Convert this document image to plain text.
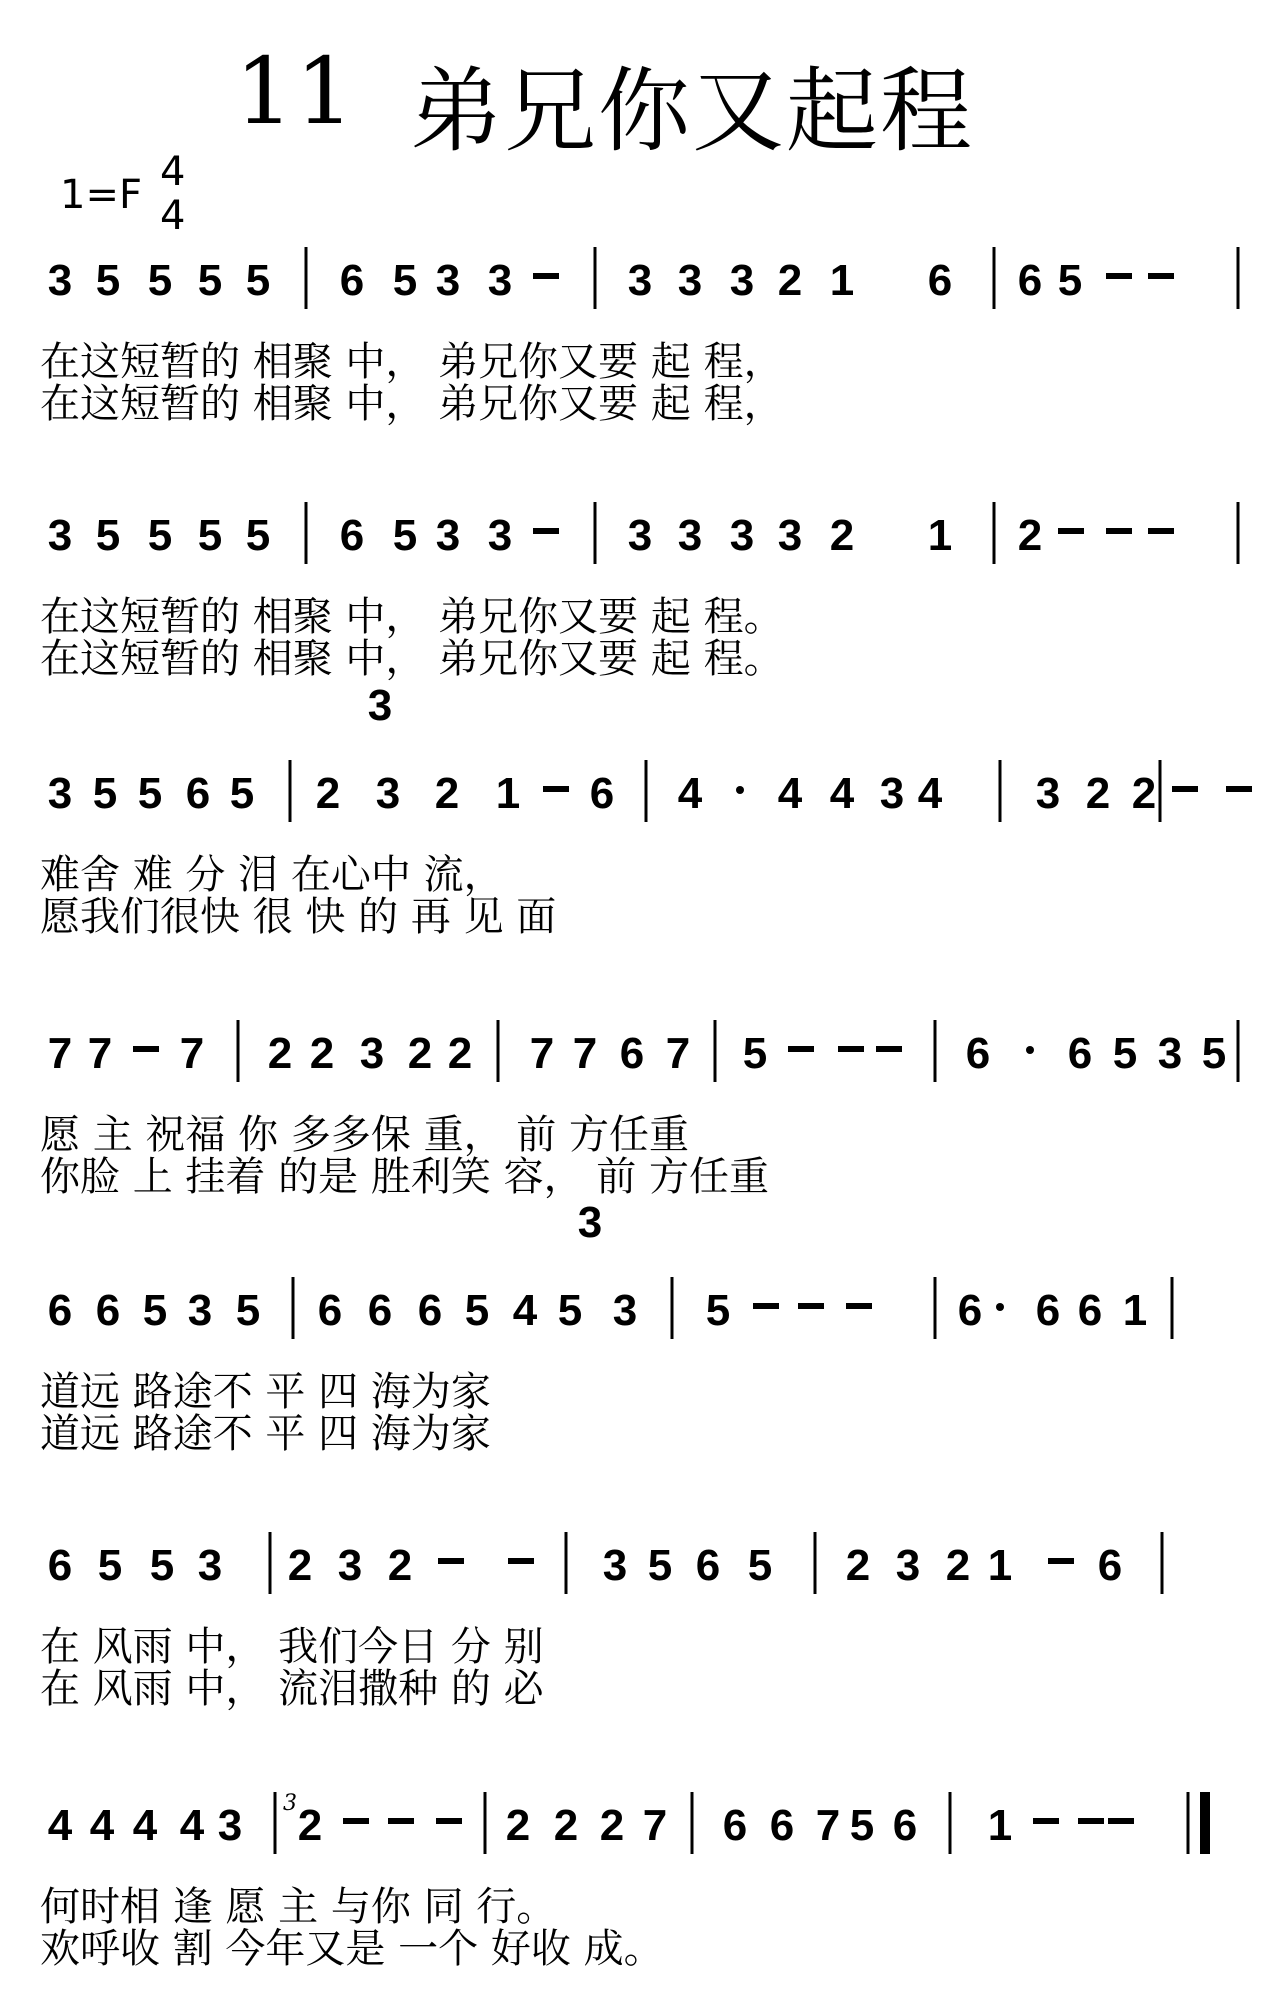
11 弟兄你又起程
1=F 4
4
3 5 5 5 5 6 5 3 3	3 3 3 2 1 6 6 5
在这短暂的 相聚 中， 弟兄你又要 起 程，
在这短暂的 相聚 中， 弟兄你又要 起 程，
3 5 5 5 5 6 5 3 3	3 3 3 3 2 1 2
在这短暂的 相聚 中， 弟兄你又要 起 程。
在这短暂的 相聚 中， 弟兄你又要 起 程。
3 5 5 6 5 2 3 2 1 6 4 4 4 3 4 3 2 2
3
难舍 难 分 泪 在心中 流，
愿我们很快 很 快 的 再 见 面
7 7 7 2 2 3 2 2 7 7 6 7 5	6 6 5 3 5
愿 主 祝福 你 多多保 重， 前 方任重
你脸 上 挂着 的是 胜利笑 容， 前 方任重
6 6 5 3 5 6 6 6 5 4 5 3 5	6 6 6 1
3
道远 路途不 平 四 海为家
道远 路途不 平 四 海为家
6 5 5 3 2 3 2	3 5 6 5 2 3 2 1 6
在 风雨 中， 我们今日 分 别
在 风雨 中， 流泪撒种 的 必
4 4 4 4 3 2	2 2 2 7 6 6 7 5 6 1
3
何时相 逢 愿 主 与你 同 行。
欢呼收 割 今年又是 一个 好收 成。
